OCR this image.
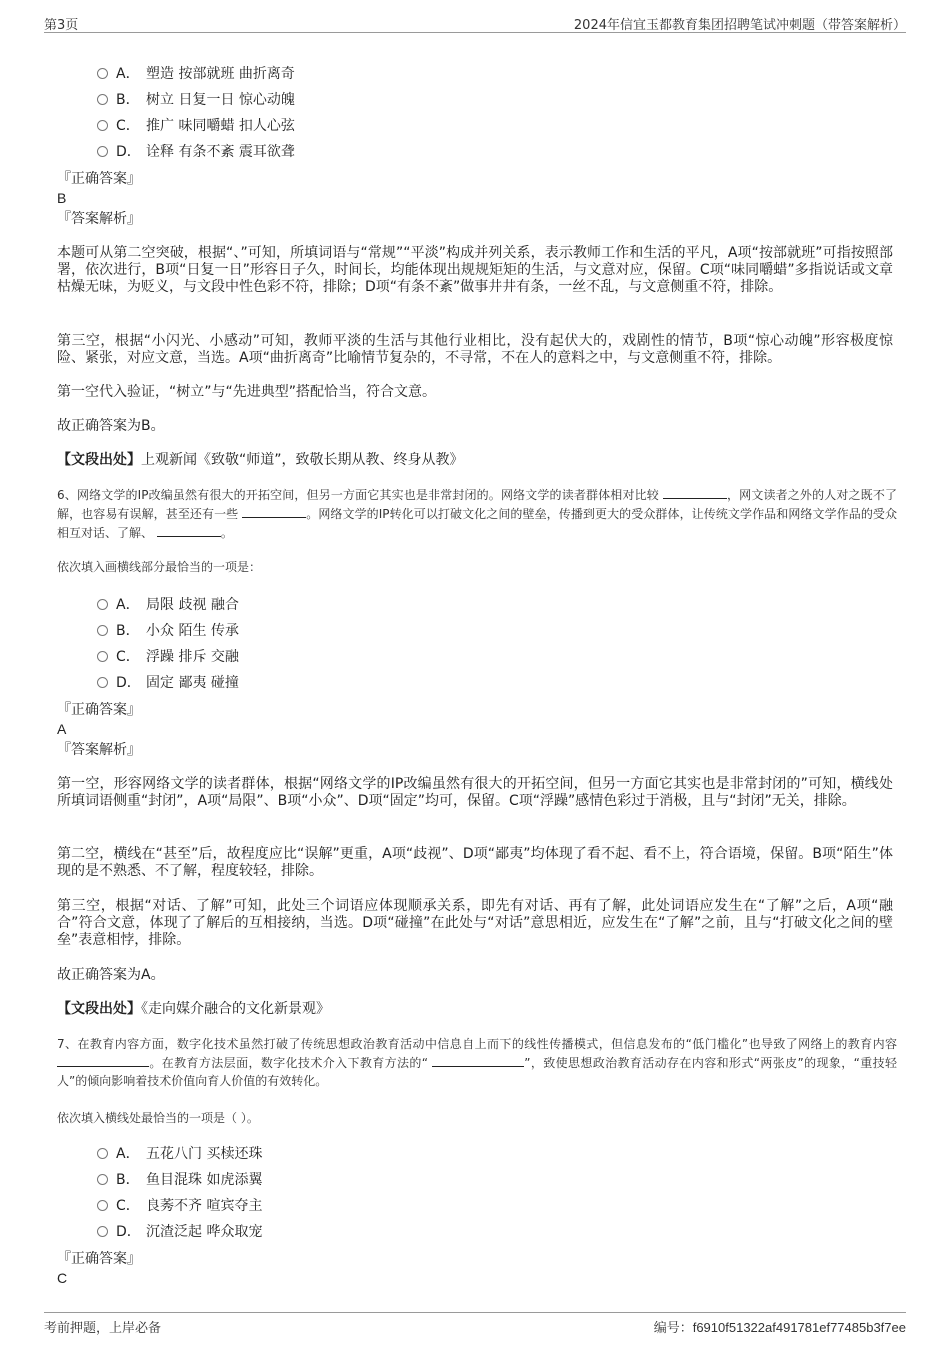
第3页	2024年信宜玉都教育集团招聘笔试冲刺题（带答案解析）
A． 塑造 按部就班 曲折离奇
B． 树立 日复一日 惊心动魄
C． 推广 味同嚼蜡 扣人心弦
D． 诠释 有条不紊 震耳欲聋
『正确答案』
B
『答案解析』
本题可从第二空突破，根据“、”可知，所填词语与“常规”“平淡”构成并列关系，表示教师工作和生活的平凡，A项“按部就班”可指按照部署，依次进行，B项“日复一日”形容日子久，时间长，均能体现出规规矩矩的生活，与文意对应，保留。C项“味同嚼蜡”多指说话或文章枯燥无味，为贬义，与文段中性色彩不符，排除；D项“有条不紊”做事井井有条，一丝不乱，与文意侧重不符，排除。
第三空，根据“小闪光、小感动”可知，教师平淡的生活与其他行业相比，没有起伏大的，戏剧性的情节，B项“惊心动魄”形容极度惊险、紧张，对应文意，当选。A项“曲折离奇”比喻情节复杂的，不寻常，不在人的意料之中，与文意侧重不符，排除。
第一空代入验证，“树立”与“先进典型”搭配恰当，符合文意。
故正确答案为B。
【文段出处】上观新闻《致敬“师道”，致敬长期从教、终身从教》
6、网络文学的IP改编虽然有很大的开拓空间，但另一方面它其实也是非常封闭的。网络文学的读者群体相对比较	，网文读者之外的人对之既不了解，也容易有误解，甚至还有一些	。网络文学的IP转化可以打破文化之间的壁垒，传播到更大的受众群体，让传统文学作品和网络文学作品的受众相互对话、了解、	。
依次填入画横线部分最恰当的一项是：
A． 局限 歧视 融合
B． 小众 陌生 传承
C． 浮躁 排斥 交融
D． 固定 鄙夷 碰撞
『正确答案』
A
『答案解析』
第一空，形容网络文学的读者群体，根据“网络文学的IP改编虽然有很大的开拓空间，但另一方面它其实也是非常封闭的”可知，横线处所填词语侧重“封闭”，A项“局限”、B项“小众”、D项“固定”均可，保留。C项“浮躁”感情色彩过于消极，且与“封闭”无关，排除。
第二空，横线在“甚至”后，故程度应比“误解”更重，A项“歧视”、D项“鄙夷”均体现了看不起、看不上，符合语境，保留。B项“陌生”体现的是不熟悉、不了解，程度较轻，排除。
第三空，根据“对话、了解”可知，此处三个词语应体现顺承关系，即先有对话、再有了解，此处词语应发生在“了解”之后，A项“融合”符合文意，体现了了解后的互相接纳，当选。D项“碰撞”在此处与“对话”意思相近，应发生在“了解”之前，且与“打破文化之间的壁垒”表意相悖，排除。
故正确答案为A。
【文段出处】《走向媒介融合的文化新景观》
7、在教育内容方面，数字化技术虽然打破了传统思想政治教育活动中信息自上而下的线性传播模式，但信息发布的“低门槛化”也导致了网络上的教育内容 。在教育方法层面，数字化技术介入下教育方法的“	”，致使思想政治教育活动存在内容和形式“两张皮”的现象，“重技轻人”的倾向影响着技术价值向育人价值的有效转化。
依次填入横线处最恰当的一项是（ ）。
A． 五花八门 买椟还珠
B． 鱼目混珠 如虎添翼
C． 良莠不齐 喧宾夺主
D． 沉渣泛起 哗众取宠
『正确答案』
C
考前押题，上岸必备	编号：f6910f51322af491781ef77485b3f7ee
